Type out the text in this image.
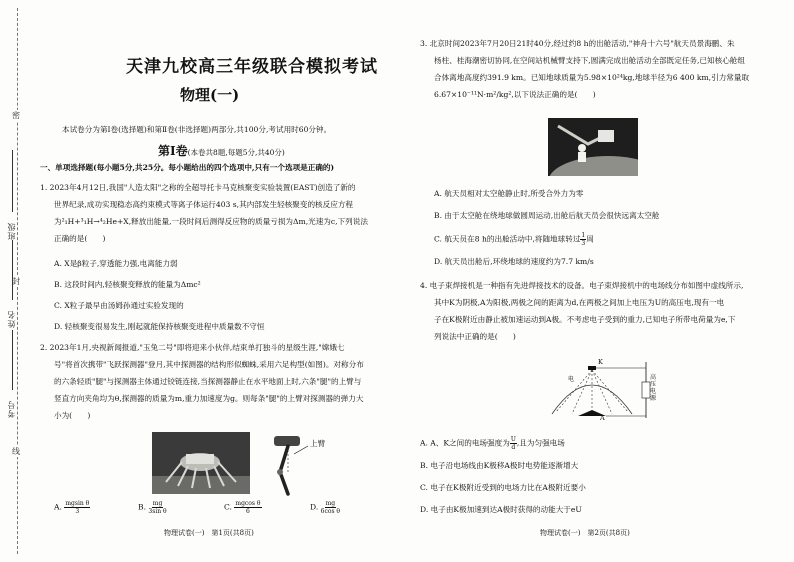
密
封
线
班级
姓名
考号
天津九校高三年级联合模拟考试
物理(一)
本试卷分为第Ⅰ卷(选择题)和第Ⅱ卷(非选择题)两部分,共100分,考试用时60分钟。
第Ⅰ卷(本卷共8题,每题5分,共40分)
一、单项选择题(每小题5分,共25分。每小题给出的四个选项中,只有一个选项是正确的)
1. 2023年4月12日,我国"人造太阳"之称的全超导托卡马克核聚变实验装置(EAST)创造了新的
世界纪录,成功实现稳态高约束模式等离子体运行403 s,其内部发生轻核聚变的核反应方程
为²₁H+³₁H→⁴₂He+X,释放出能量,一段时间后测得反应物的质量亏损为Δm,光速为c,下列说法
正确的是(　　)
A. X是β粒子,穿透能力强,电离能力弱
B. 这段时间内,轻核聚变释放的能量为Δmc²
C. X粒子最早由汤姆孙通过实验发现的
D. 轻核聚变很易发生,刚起就能保持核聚变进程中质量数不守恒
2. 2023年1月,央视新闻报道,"玉兔二号"即将迎来小伙伴,结束单打独斗的星级生涯,"嫦娥七
号"将首次携带"飞跃探测器"登月,其中探测器的结构形似蜘蛛,采用六足构型(如图)。对称分布
的六条轻质"腿"与探测器主体通过铰链连接,当探测器静止在水平地面上时,六条"腿"的上臂与
竖直方向夹角均为θ,探测器的质量为m,重力加速度为g。则每条"腿"的上臂对探测器的弹力大
小为(　　)
上臂
A. $\frac{\text{mgsin θ}}{3}$	B. $\frac{mg}{\text{3sin θ}}$	C. $\frac{\text{mgcos θ}}{6}$	D. $\frac{mg}{\text{6cos θ}}$
物理试卷(一)　第1页(共8页)
3. 北京时间2023年7月20日21时40分,经过约8 h的出舱活动,"神舟十六号"航天员景海鹏、朱
杨柱、桂海潮密切协同,在空间站机械臂支持下,圆满完成出舱活动全部既定任务,已知核心舱组
合体离地高度约391.9 km。已知地球质量为5.98×10²⁴kg,地球半径为6 400 km,引力常量取
6.67×10⁻¹¹N·m²/kg²,以下说法正确的是(　　)
A. 航天员相对太空舱静止时,所受合外力为零
B. 由于太空舱在绕地球做圆周运动,出舱后航天员会很快远离太空舱
C. 航天员在8 h的出舱活动中,将随地球转过 $\frac{1}{3}$ 周
D. 航天员出舱后,环绕地球的速度约为7.7 km/s
4. 电子束焊接机是一种指有先进焊接技术的设备。电子束焊接机中的电场线分布如图中虚线所示,
其中K为阴极,A为阳极,两极之间的距离为d,在两极之间加上电压为U的高压电,现有一电
子在K极附近由静止被加速运动到A极。不考虑电子受到的重力,已知电子所带电荷量为e,下
列说法中正确的是(　　)
K
A
电	高压电源
A. A、K之间的电场强度为 $\frac{U}{d}$ ,且为匀强电场
B. 电子沿电场线由K极移A极时电势能逐渐增大
C. 电子在K极附近受到的电场力比在A极附近要小
D. 电子由K极加速到达A极时获得的动能大于eU
物理试卷(一)　第2页(共8页)
